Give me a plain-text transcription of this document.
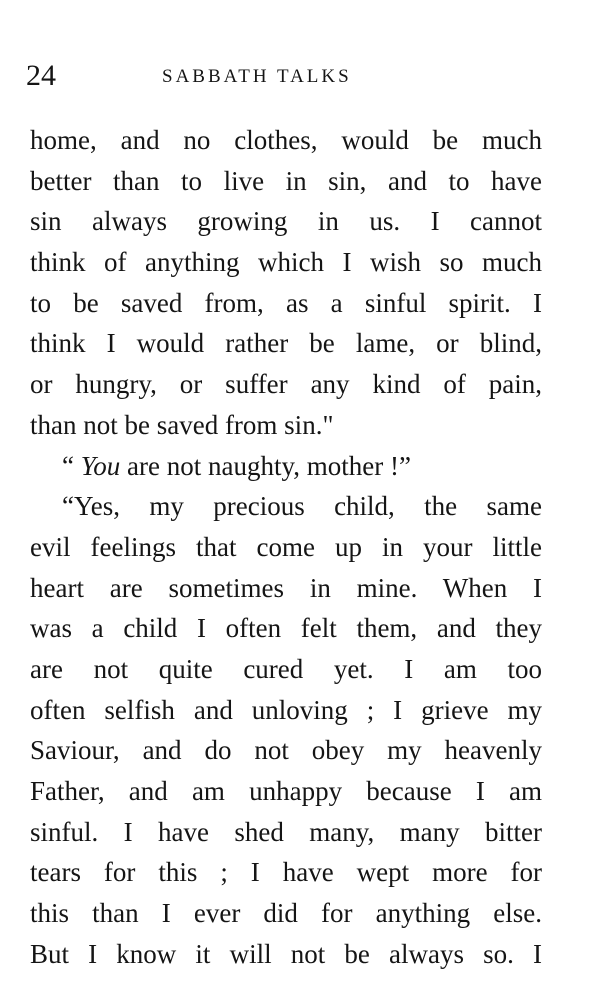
24	SABBATH TALKS
home, and no clothes, would be much
better than to live in sin, and to have
sin always growing in us. I cannot
think of anything which I wish so much
to be saved from, as a sinful spirit. I
think I would rather be lame, or blind,
or hungry, or suffer any kind of pain,
than not be saved from sin."
“ You are not naughty, mother !”
“Yes, my precious child, the same
evil feelings that come up in your little
heart are sometimes in mine. When I
was a child I often felt them, and they
are not quite cured yet. I am too
often selfish and unloving ; I grieve my
Saviour, and do not obey my heavenly
Father, and am unhappy because I am
sinful. I have shed many, many bitter
tears for this ; I have wept more for
this than I ever did for anything else.
But I know it will not be always so. I
